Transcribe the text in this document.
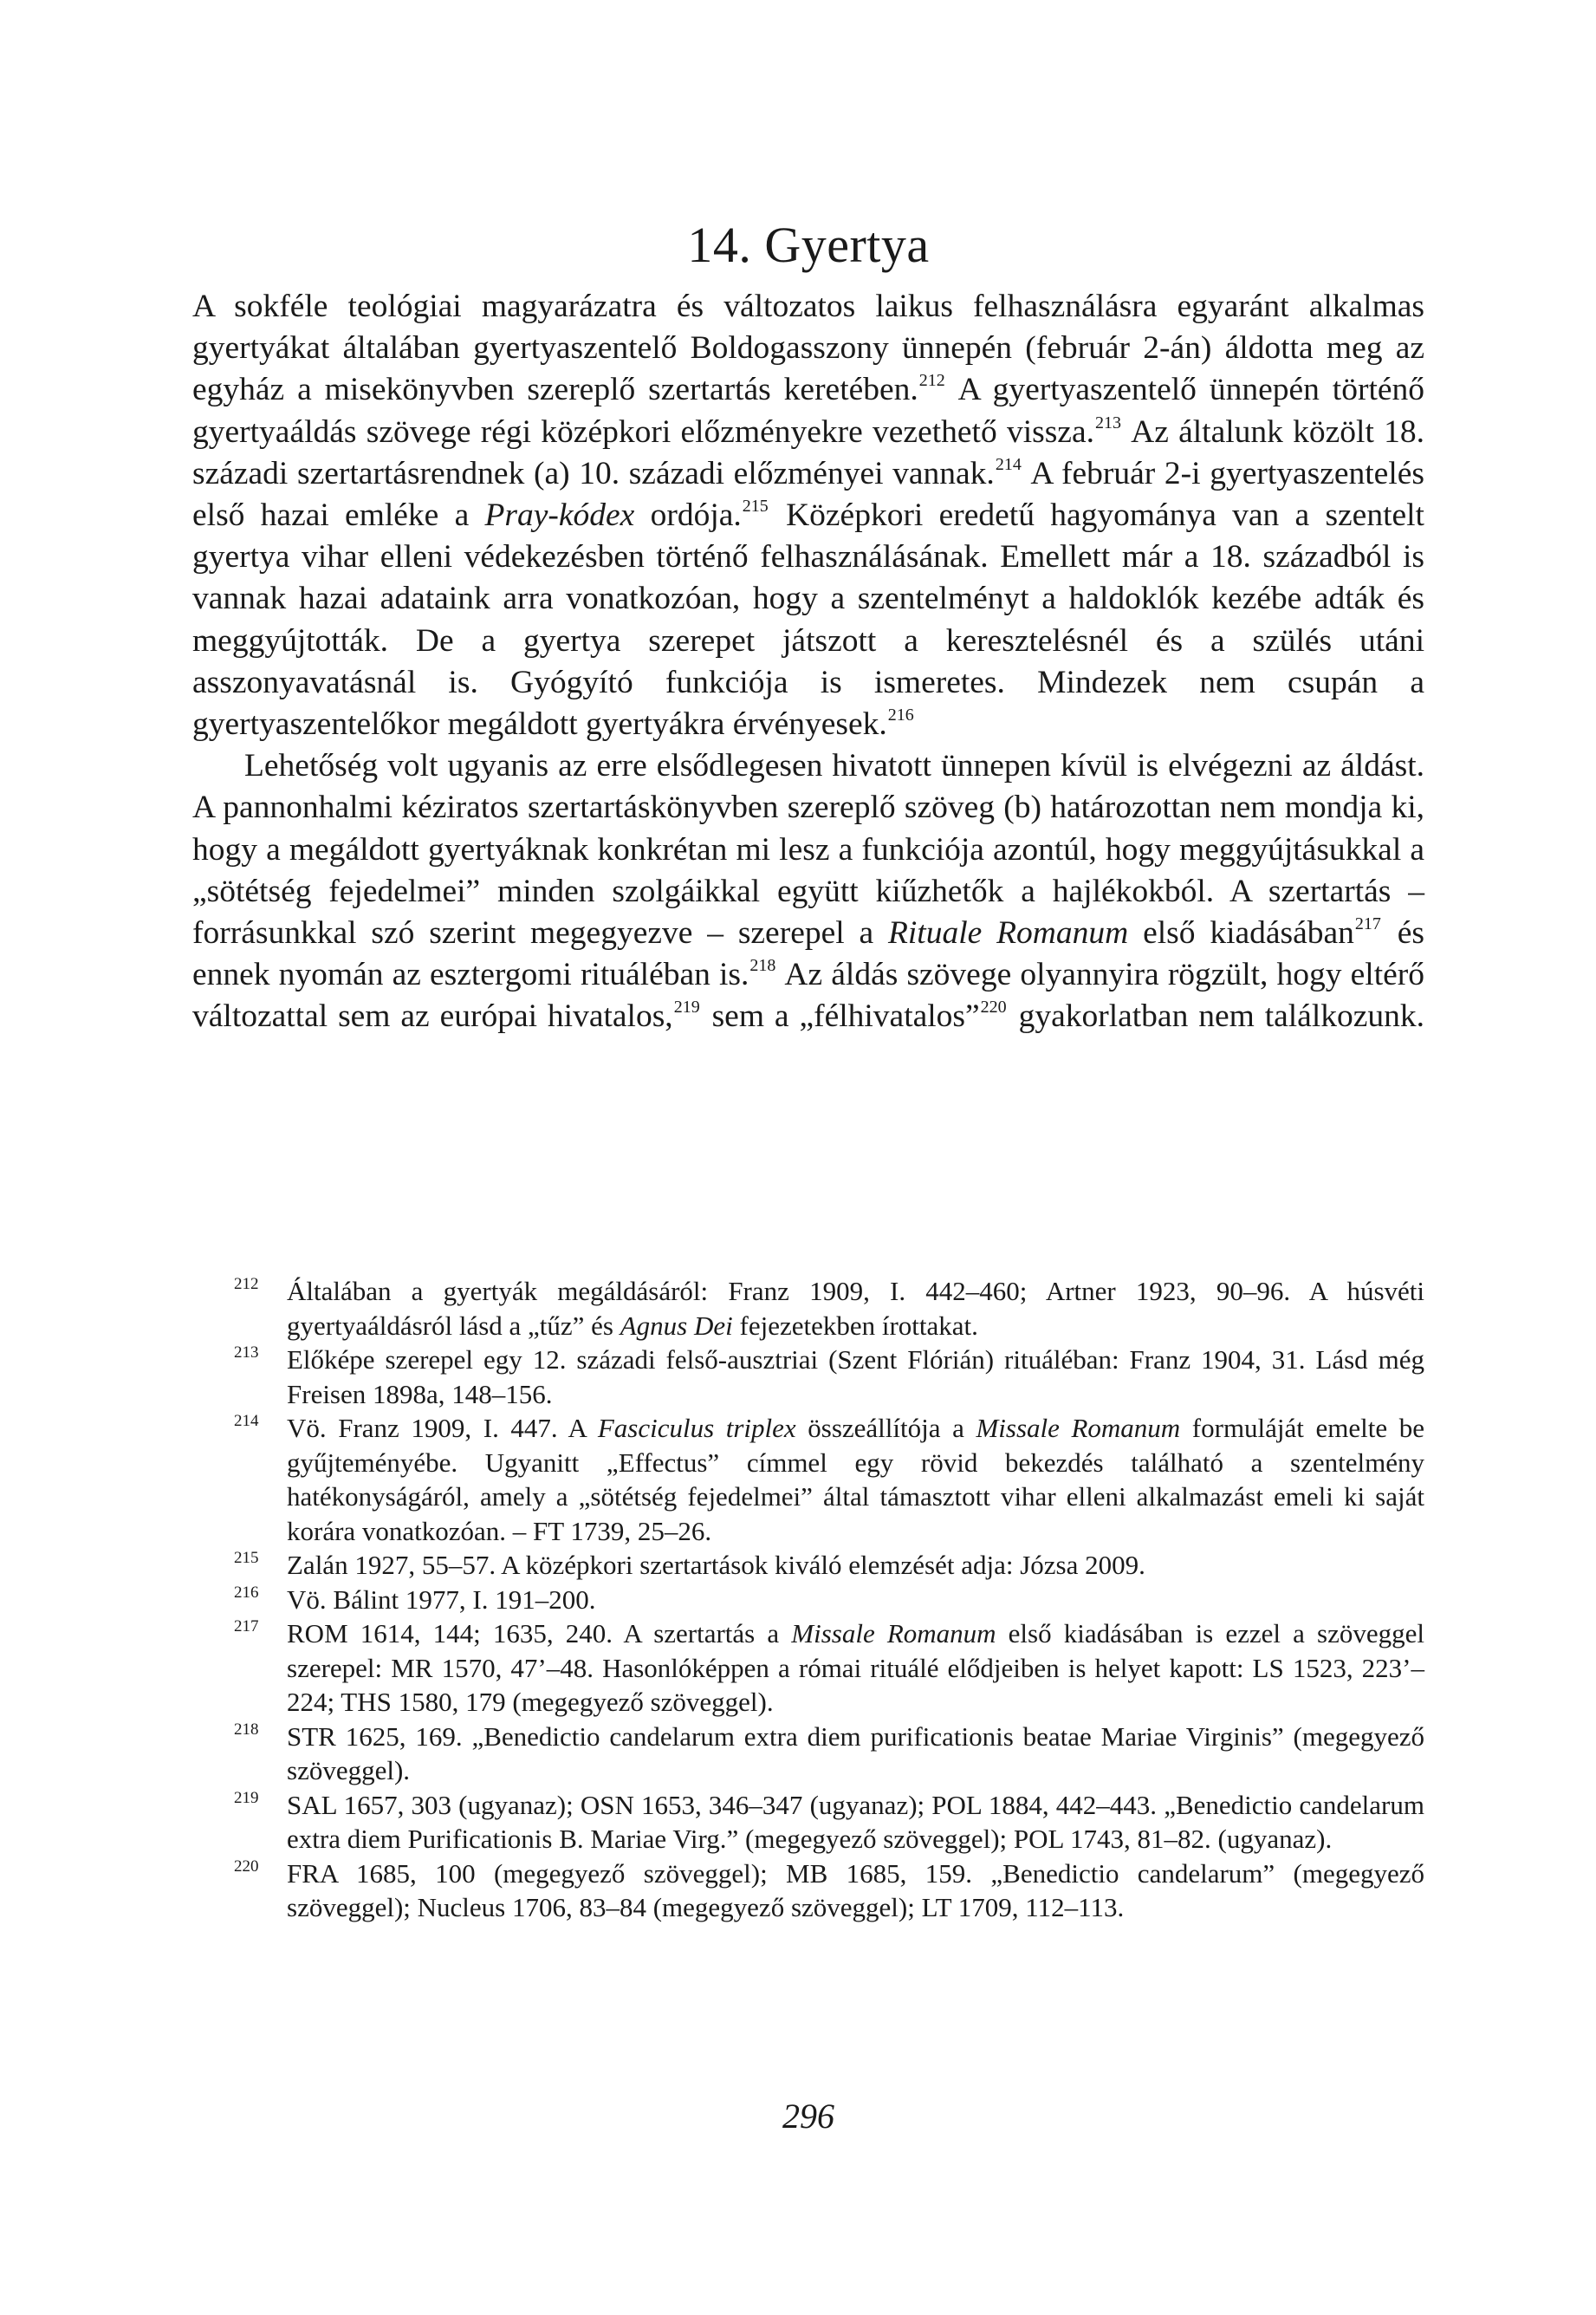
14. Gyertya

A sokféle teológiai magyarázatra és változatos laikus felhasználásra egyaránt alkalmas gyertyákat általában gyertyaszentelő Boldogasszony ünnepén (február 2-án) áldotta meg az egyház a misekönyvben szereplő szertartás keretében.$^{212}$ A gyertyaszentelő ünnepén történő gyertyaáldás szövege régi középkori előzményekre vezethető vissza.$^{213}$ Az általunk közölt 18. századi szertartásrendnek (a) 10. századi előzményei vannak.$^{214}$ A február 2-i gyertyaszentelés első hazai emléke a Pray-kódex ordója.$^{215}$ Középkori eredetű hagyománya van a szentelt gyertya vihar elleni védekezésben történő felhasználásának. Emellett már a 18. századból is vannak hazai adataink arra vonatkozóan, hogy a szentelményt a haldoklók kezébe adták és meggyújtották. De a gyertya szerepet játszott a keresztelésnél és a szülés utáni asszonyavatásnál is. Gyógyító funkciója is ismeretes. Mindezek nem csupán a gyertyaszentelőkor megáldott gyertyákra érvényesek.$^{216}$

Lehetőség volt ugyanis az erre elsődlegesen hivatott ünnepen kívül is elvégezni az áldást. A pannonhalmi kéziratos szertartáskönyvben szereplő szöveg (b) határozottan nem mondja ki, hogy a megáldott gyertyáknak konkrétan mi lesz a funkciója azontúl, hogy meggyújtásukkal a „sötétség fejedelmei” minden szolgáikkal együtt kiűzhetők a hajlékokból. A szertartás – forrásunkkal szó szerint megegyezve – szerepel a Rituale Romanum első kiadásában$^{217}$ és ennek nyomán az esztergomi rituáléban is.$^{218}$ Az áldás szövege olyannyira rögzült, hogy eltérő változattal sem az európai hivatalos,$^{219}$ sem a „félhivatalos”$^{220}$ gyakorlatban nem találkozunk.

212 Általában a gyertyák megáldásáról: Franz 1909, I. 442–460; Artner 1923, 90–96. A húsvéti gyertyaáldásról lásd a „tűz” és Agnus Dei fejezetekben írottakat.
213 Előképe szerepel egy 12. századi felső-ausztriai (Szent Flórián) rituáléban: Franz 1904, 31. Lásd még Freisen 1898a, 148–156.
214 Vö. Franz 1909, I. 447. A Fasciculus triplex összeállítója a Missale Romanum formuláját emelte be gyűjteményébe. Ugyanitt „Effectus” címmel egy rövid bekezdés található a szentelmény hatékonyságáról, amely a „sötétség fejedelmei” által támasztott vihar elleni alkalmazást emeli ki saját korára vonatkozóan. – FT 1739, 25–26.
215 Zalán 1927, 55–57. A középkori szertartások kiváló elemzését adja: Józsa 2009.
216 Vö. Bálint 1977, I. 191–200.
217 ROM 1614, 144; 1635, 240. A szertartás a Missale Romanum első kiadásában is ezzel a szöveggel szerepel: MR 1570, 47’–48. Hasonlóképpen a római rituálé elődjeiben is helyet kapott: LS 1523, 223’–224; THS 1580, 179 (megegyező szöveggel).
218 STR 1625, 169. „Benedictio candelarum extra diem purificationis beatae Mariae Virginis” (megegyező szöveggel).
219 SAL 1657, 303 (ugyanaz); OSN 1653, 346–347 (ugyanaz); POL 1884, 442–443. „Benedictio candelarum extra diem Purificationis B. Mariae Virg.” (megegyező szöveggel); POL 1743, 81–82. (ugyanaz).
220 FRA 1685, 100 (megegyező szöveggel); MB 1685, 159. „Benedictio candelarum” (megegyező szöveggel); Nucleus 1706, 83–84 (megegyező szöveggel); LT 1709, 112–113.
296
